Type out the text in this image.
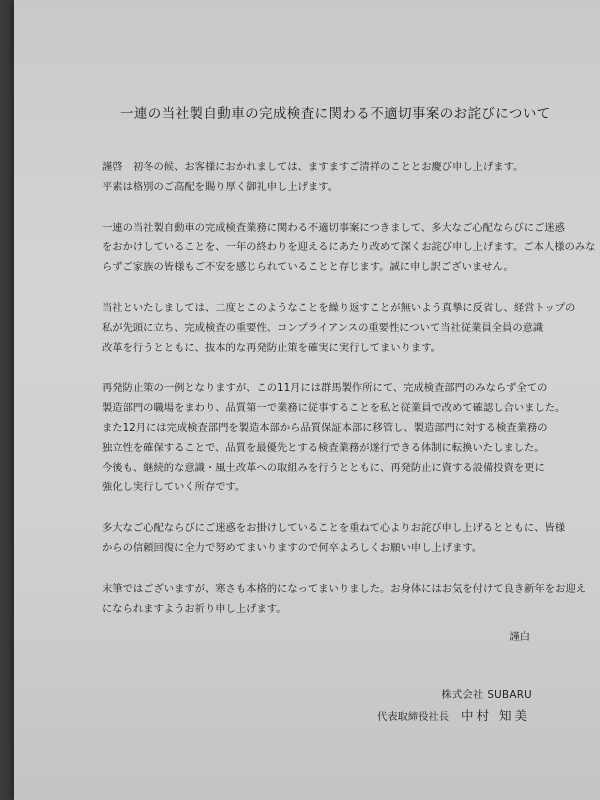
一連の当社製自動車の完成検査に関わる不適切事案のお詫びについて

謹啓　初冬の候、お客様におかれましては、ますますご清祥のこととお慶び申し上げます。
平素は格別のご高配を賜り厚く御礼申し上げます。

一連の当社製自動車の完成検査業務に関わる不適切事案につきまして、多大なご心配ならびにご迷惑
をおかけしていることを、一年の終わりを迎えるにあたり改めて深くお詫び申し上げます。ご本人様のみな
らずご家族の皆様もご不安を感じられていることと存じます。誠に申し訳ございません。

当社といたしましては、二度とこのようなことを繰り返すことが無いよう真摯に反省し、経営トップの
私が先頭に立ち、完成検査の重要性、コンプライアンスの重要性について当社従業員全員の意識
改革を行うとともに、抜本的な再発防止策を確実に実行してまいります。

再発防止策の一例となりますが、この11月には群馬製作所にて、完成検査部門のみならず全ての
製造部門の職場をまわり、品質第一で業務に従事することを私と従業員で改めて確認し合いました。
また12月には完成検査部門を製造本部から品質保証本部に移管し、製造部門に対する検査業務の
独立性を確保することで、品質を最優先とする検査業務が遂行できる体制に転換いたしました。
今後も、継続的な意識・風土改革への取組みを行うとともに、再発防止に資する設備投資を更に
強化し実行していく所存です。

多大なご心配ならびにご迷惑をお掛けしていることを重ねて心よりお詫び申し上げるとともに、皆様
からの信頼回復に全力で努めてまいりますので何卒よろしくお願い申し上げます。

末筆ではございますが、寒さも本格的になってまいりました。お身体にはお気を付けて良き新年をお迎え
になられますようお祈り申し上げます。

謹白
株式会社 SUBARU
代表取締役社長 中村 知美
